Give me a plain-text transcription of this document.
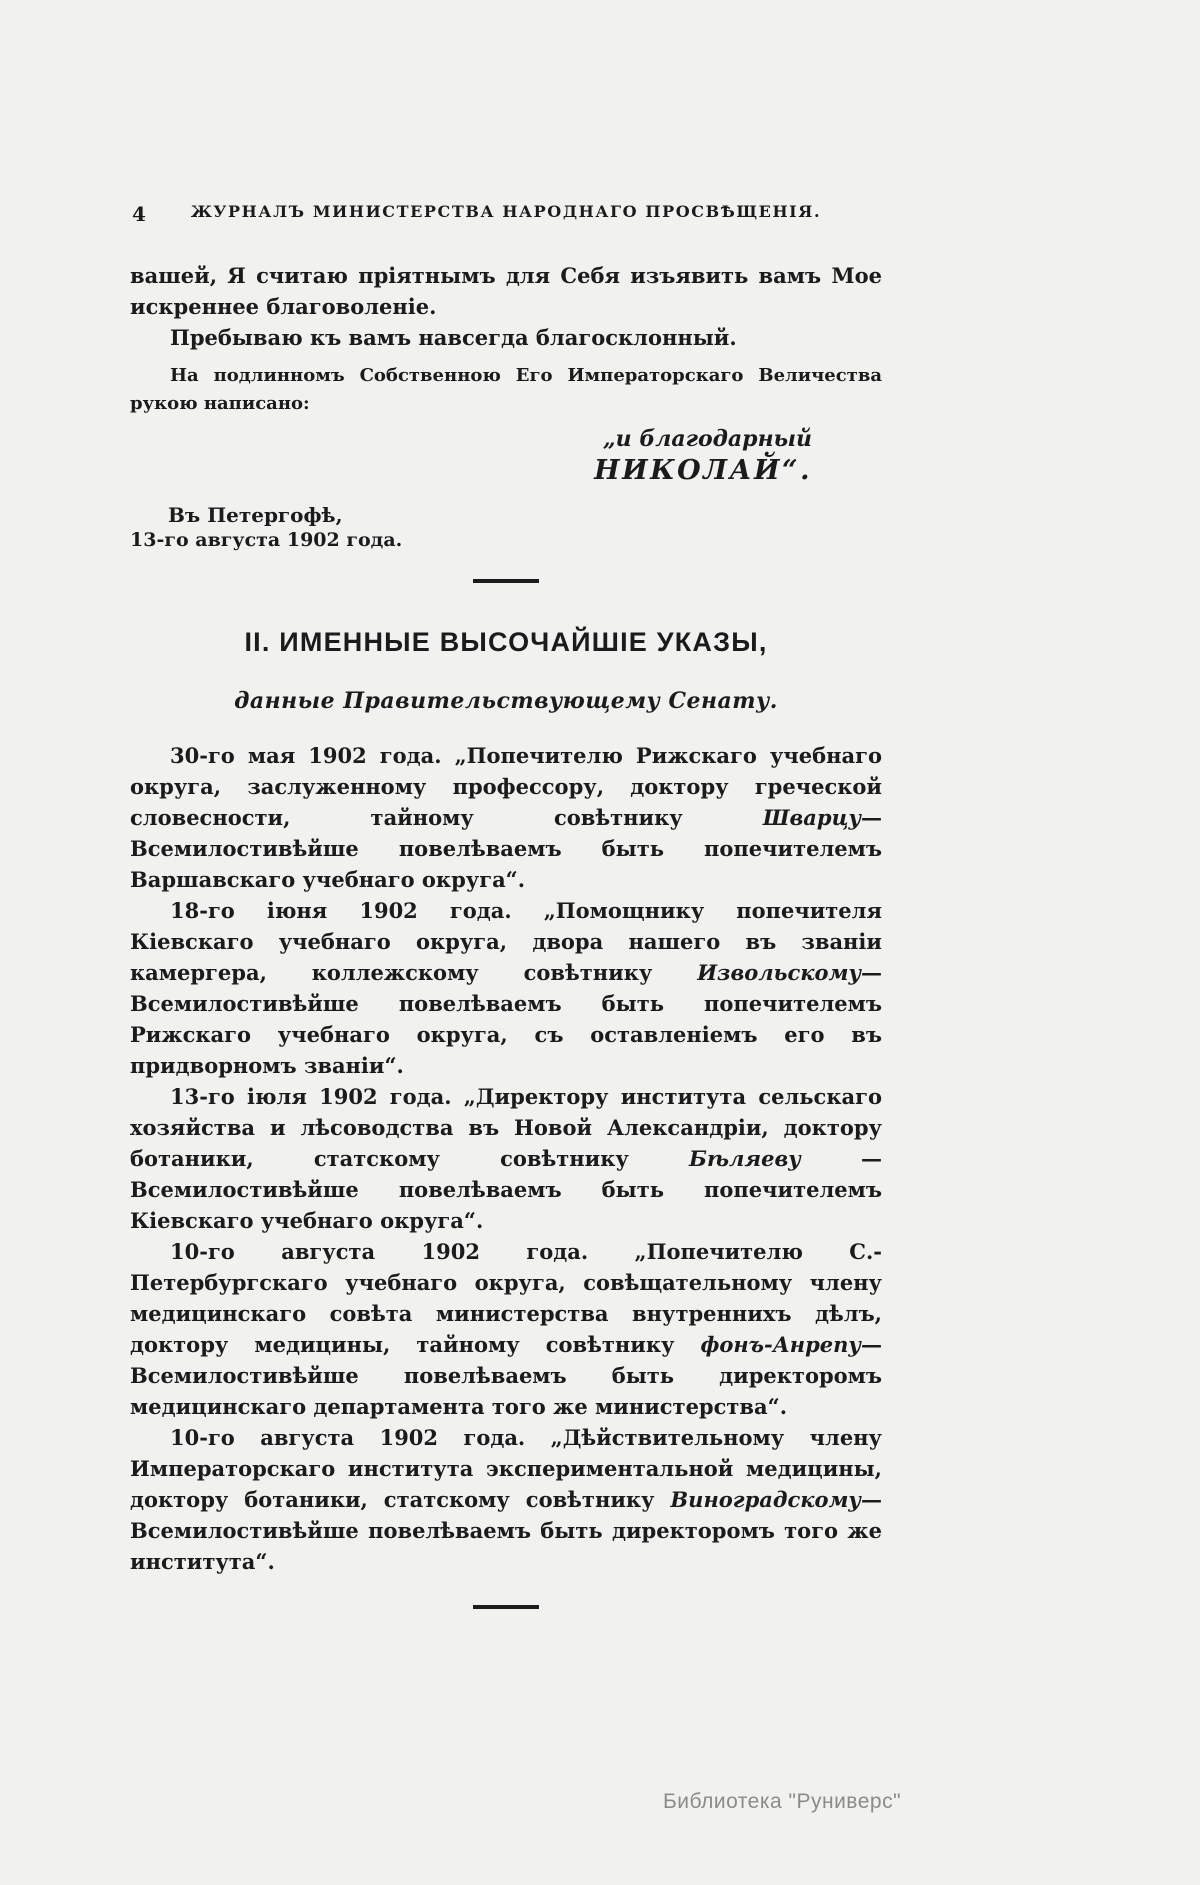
4	ЖУРНАЛЪ МИНИСТЕРСТВА НАРОДНАГО ПРОСВѢЩЕНІЯ.

вашей, Я считаю пріятнымъ для Себя изъявить вамъ Мое искреннее благоволеніе.

Пребываю къ вамъ навсегда благосклонный.

На подлинномъ Собственною Его Императорскаго Величества рукою написано:

„и благодарный

НИКОЛАЙ“.

Въ Петергофѣ,

13-го августа 1902 года.

II. ИМЕННЫЕ ВЫСОЧАЙШІЕ УКАЗЫ,

данные Правительствующему Сенату.

30-го мая 1902 года. „Попечителю Рижскаго учебнаго округа, заслуженному профессору, доктору греческой словесности, тайному совѣтнику Шварцу—Всемилостивѣйше повелѣваемъ быть попечителемъ Варшавскаго учебнаго округа“.

18-го іюня 1902 года. „Помощнику попечителя Кіевскаго учебнаго округа, двора нашего въ званіи камергера, коллежскому совѣтнику Извольскому—Всемилостивѣйше повелѣваемъ быть попечителемъ Рижскаго учебнаго округа, съ оставленіемъ его въ придворномъ званіи“.

13-го іюля 1902 года. „Директору института сельскаго хозяйства и лѣсоводства въ Новой Александріи, доктору ботаники, статскому совѣтнику Бѣляеву — Всемилостивѣйше повелѣваемъ быть попечителемъ Кіевскаго учебнаго округа“.

10-го августа 1902 года. „Попечителю С.-Петербургскаго учебнаго округа, совѣщательному члену медицинскаго совѣта министерства внутреннихъ дѣлъ, доктору медицины, тайному совѣтнику фонъ-Анрепу—Всемилостивѣйше повелѣваемъ быть директоромъ медицинскаго департамента того же министерства“.

10-го августа 1902 года. „Дѣйствительному члену Императорскаго института экспериментальной медицины, доктору ботаники, статскому совѣтнику Виноградскому—Всемилостивѣйше повелѣваемъ быть директоромъ того же института“.

Библиотека "Руниверс"
